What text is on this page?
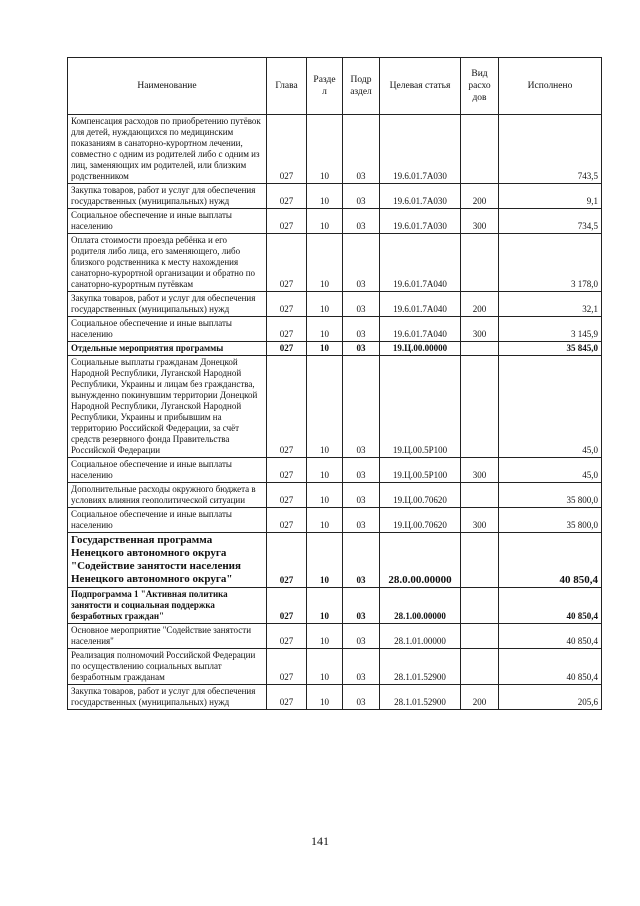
Наименование	Глава	Разде л	Подр аздел	Целевая статья	Вид расхо дов	Исполнено
Компенсация расходов по приобретению путёвок для детей, нуждающихся по медицинским показаниям в санаторно-курортном лечении, совместно с одним из родителей либо с одним из лиц, заменяющих им родителей, или близким родственником	027	10	03	19.6.01.7А030		743,5
Закупка товаров, работ и услуг для обеспечения государственных (муниципальных) нужд	027	10	03	19.6.01.7А030	200	9,1
Социальное обеспечение и иные выплаты населению	027	10	03	19.6.01.7А030	300	734,5
Оплата стоимости проезда ребёнка и его родителя либо лица, его заменяющего, либо близкого родственника к месту нахождения санаторно-курортной организации и обратно по санаторно-курортным путёвкам	027	10	03	19.6.01.7А040		3 178,0
Закупка товаров, работ и услуг для обеспечения государственных (муниципальных) нужд	027	10	03	19.6.01.7А040	200	32,1
Социальное обеспечение и иные выплаты населению	027	10	03	19.6.01.7А040	300	3 145,9
Отдельные мероприятия программы	027	10	03	19.Ц.00.00000		35 845,0
Социальные выплаты гражданам Донецкой Народной Республики, Луганской Народной Республики, Украины и лицам без гражданства, вынужденно покинувшим территории Донецкой Народной Республики, Луганской Народной Республики, Украины и прибывшим на территорию Российской Федерации, за счёт средств резервного фонда Правительства Российской Федерации	027	10	03	19.Ц.00.5Р100		45,0
Социальное обеспечение и иные выплаты населению	027	10	03	19.Ц.00.5Р100	300	45,0
Дополнительные расходы окружного бюджета в условиях влияния геополитической ситуации	027	10	03	19.Ц.00.70620		35 800,0
Социальное обеспечение и иные выплаты населению	027	10	03	19.Ц.00.70620	300	35 800,0
Государственная программа Ненецкого автономного округа "Содействие занятости населения Ненецкого автономного округа"	027	10	03	28.0.00.00000		40 850,4
Подпрограмма 1 "Активная политика занятости и социальная поддержка безработных граждан"	027	10	03	28.1.00.00000		40 850,4
Основное мероприятие "Содействие занятости населения"	027	10	03	28.1.01.00000		40 850,4
Реализация полномочий Российской Федерации по осуществлению социальных выплат безработным гражданам	027	10	03	28.1.01.52900		40 850,4
Закупка товаров, работ и услуг для обеспечения государственных (муниципальных) нужд	027	10	03	28.1.01.52900	200	205,6
141
